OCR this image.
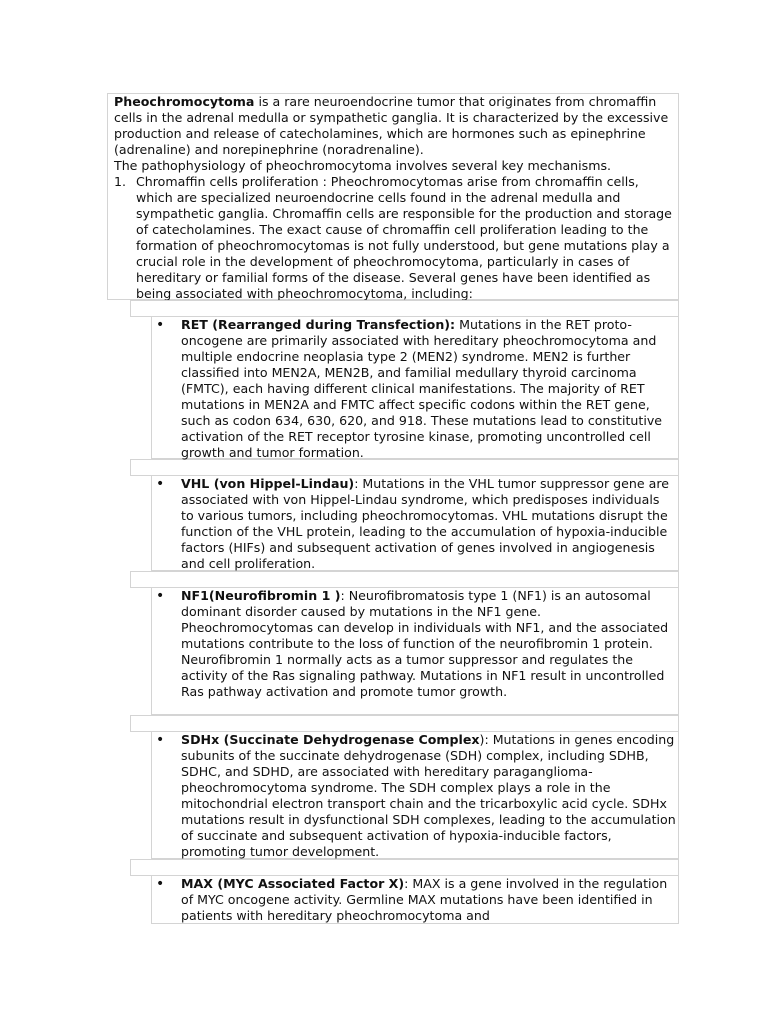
Pheochromocytoma is a rare neuroendocrine tumor that originates from chromaffin cells in the adrenal medulla or sympathetic ganglia. It is characterized by the excessive production and release of catecholamines, which are hormones such as epinephrine (adrenaline) and norepinephrine (noradrenaline).

The pathophysiology of pheochromocytoma involves several key mechanisms.

1. Chromaffin cells proliferation : Pheochromocytomas arise from chromaffin cells, which are specialized neuroendocrine cells found in the adrenal medulla and sympathetic ganglia. Chromaffin cells are responsible for the production and storage of catecholamines. The exact cause of chromaffin cell proliferation leading to the formation of pheochromocytomas is not fully understood, but gene mutations play a crucial role in the development of pheochromocytoma, particularly in cases of hereditary or familial forms of the disease. Several genes have been identified as being associated with pheochromocytoma, including:
• RET (Rearranged during Transfection): Mutations in the RET proto-oncogene are primarily associated with hereditary pheochromocytoma and multiple endocrine neoplasia type 2 (MEN2) syndrome. MEN2 is further classified into MEN2A, MEN2B, and familial medullary thyroid carcinoma (FMTC), each having different clinical manifestations. The majority of RET mutations in MEN2A and FMTC affect specific codons within the RET gene, such as codon 634, 630, 620, and 918. These mutations lead to constitutive activation of the RET receptor tyrosine kinase, promoting uncontrolled cell growth and tumor formation.

• VHL (von Hippel-Lindau): Mutations in the VHL tumor suppressor gene are associated with von Hippel-Lindau syndrome, which predisposes individuals to various tumors, including pheochromocytomas. VHL mutations disrupt the function of the VHL protein, leading to the accumulation of hypoxia-inducible factors (HIFs) and subsequent activation of genes involved in angiogenesis and cell proliferation.

• NF1(Neurofibromin 1 ): Neurofibromatosis type 1 (NF1) is an autosomal dominant disorder caused by mutations in the NF1 gene. Pheochromocytomas can develop in individuals with NF1, and the associated mutations contribute to the loss of function of the neurofibromin 1 protein. Neurofibromin 1 normally acts as a tumor suppressor and regulates the activity of the Ras signaling pathway. Mutations in NF1 result in uncontrolled Ras pathway activation and promote tumor growth.

• SDHx (Succinate Dehydrogenase Complex): Mutations in genes encoding subunits of the succinate dehydrogenase (SDH) complex, including SDHB, SDHC, and SDHD, are associated with hereditary paraganglioma-pheochromocytoma syndrome. The SDH complex plays a role in the mitochondrial electron transport chain and the tricarboxylic acid cycle. SDHx mutations result in dysfunctional SDH complexes, leading to the accumulation of succinate and subsequent activation of hypoxia-inducible factors, promoting tumor development.

• MAX (MYC Associated Factor X): MAX is a gene involved in the regulation of MYC oncogene activity. Germline MAX mutations have been identified in patients with hereditary pheochromocytoma and
